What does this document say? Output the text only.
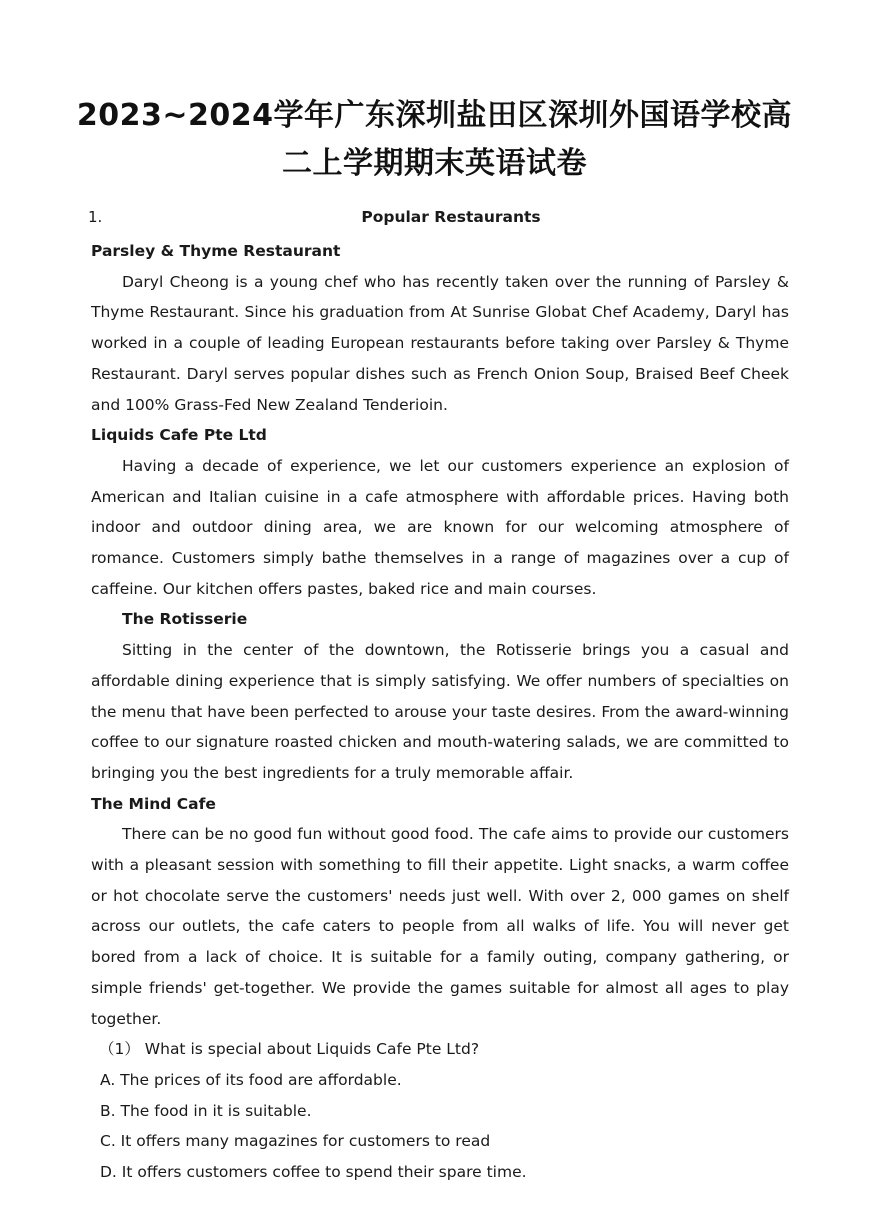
2023~2024学年广东深圳盐田区深圳外国语学校高
二上学期期末英语试卷
1.	Popular Restaurants

Parsley & Thyme Restaurant

Daryl Cheong is a young chef who has recently taken over the running of Parsley & Thyme Restaurant. Since his graduation from At Sunrise Globat Chef Academy, Daryl has worked in a couple of leading European restaurants before taking over Parsley & Thyme Restaurant. Daryl serves popular dishes such as French Onion Soup, Braised Beef Cheek and 100% Grass-Fed New Zealand Tenderioin.

Liquids Cafe Pte Ltd

Having a decade of experience, we let our customers experience an explosion of American and Italian cuisine in a cafe atmosphere with affordable prices. Having both indoor and outdoor dining area, we are known for our welcoming atmosphere of romance. Customers simply bathe themselves in a range of magazines over a cup of caffeine. Our kitchen offers pastes, baked rice and main courses.

The Rotisserie

Sitting in the center of the downtown, the Rotisserie brings you a casual and affordable dining experience that is simply satisfying. We offer numbers of specialties on the menu that have been perfected to arouse your taste desires. From the award-winning coffee to our signature roasted chicken and mouth-watering salads, we are committed to bringing you the best ingredients for a truly memorable affair.

The Mind Cafe

There can be no good fun without good food. The cafe aims to provide our customers with a pleasant session with something to fill their appetite. Light snacks, a warm coffee or hot chocolate serve the customers' needs just well. With over 2, 000 games on shelf across our outlets, the cafe caters to people from all walks of life. You will never get bored from a lack of choice. It is suitable for a family outing, company gathering, or simple friends' get-together. We provide the games suitable for almost all ages to play together.

（1） What is special about Liquids Cafe Pte Ltd?

A. The prices of its food are affordable.

B. The food in it is suitable.

C. It offers many magazines for customers to read

D. It offers customers coffee to spend their spare time.
